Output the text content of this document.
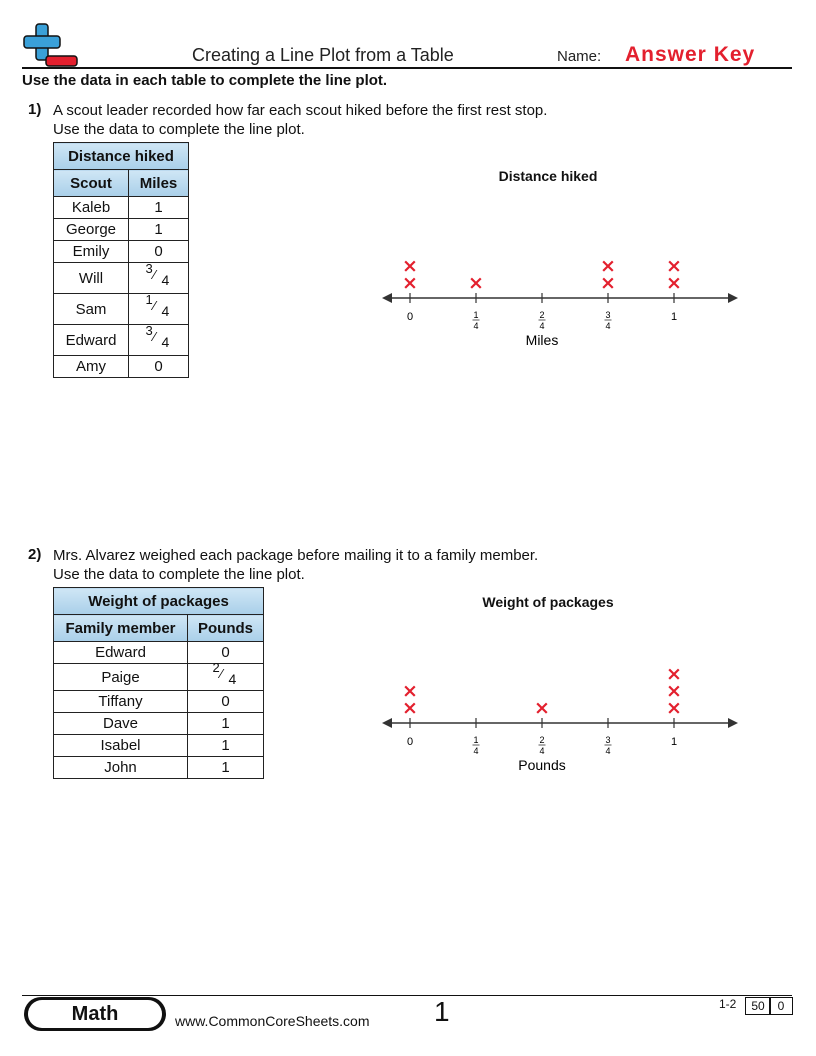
Creating a Line Plot from a Table	Name: Answer Key
Use the data in each table to complete the line plot.
1) A scout leader recorded how far each scout hiked before the first rest stop.
Use the data to complete the line plot.
Distance hiked	
Scout	Miles
Kaleb	1
George	1
Emily	0
Will	3 ⁄ 4

Sam	1 ⁄ 4

Edward	3 ⁄ 4

Amy	0
Distance hiked
0
×
×
1
4
×
2
4
3
4
×
×
1
×
×
Miles
2) Mrs. Alvarez weighed each package before mailing it to a family member.
Use the data to complete the line plot.
Weight of packages	
Family member	Pounds
Edward	0
Paige	2 ⁄ 4

Tiffany	0
Dave	1
Isabel	1
John	1
Weight of packages
0
×
×
1
4
2
4
×
3
4
1
×
×
×
Pounds
Math	www.CommonCoreSheets.com 1	1-2	50	0
